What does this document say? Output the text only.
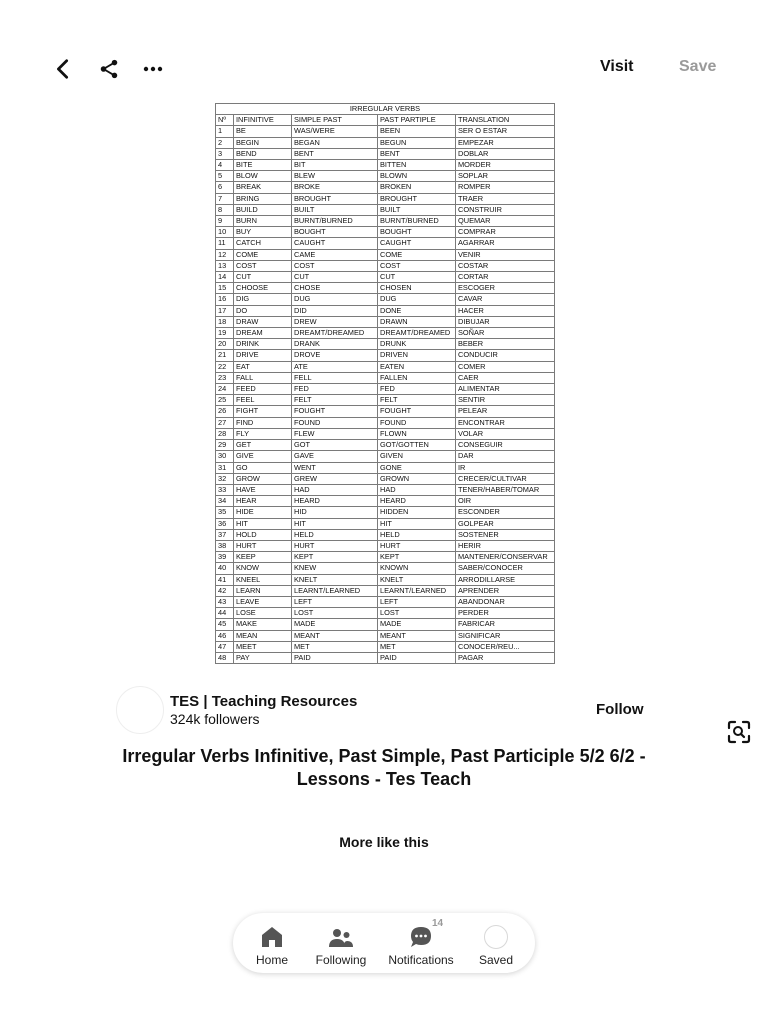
Visit	Save
IRREGULAR VERBS				
Nº	INFINITIVE	SIMPLE PAST	PAST PARTIPLE	TRANSLATION
1	BE	WAS/WERE	BEEN	SER O ESTAR
2	BEGIN	BEGAN	BEGUN	EMPEZAR
3	BEND	BENT	BENT	DOBLAR
4	BITE	BIT	BITTEN	MORDER
5	BLOW	BLEW	BLOWN	SOPLAR
6	BREAK	BROKE	BROKEN	ROMPER
7	BRING	BROUGHT	BROUGHT	TRAER
8	BUILD	BUILT	BUILT	CONSTRUIR
9	BURN	BURNT/BURNED	BURNT/BURNED	QUEMAR
10	BUY	BOUGHT	BOUGHT	COMPRAR
11	CATCH	CAUGHT	CAUGHT	AGARRAR
12	COME	CAME	COME	VENIR
13	COST	COST	COST	COSTAR
14	CUT	CUT	CUT	CORTAR
15	CHOOSE	CHOSE	CHOSEN	ESCOGER
16	DIG	DUG	DUG	CAVAR
17	DO	DID	DONE	HACER
18	DRAW	DREW	DRAWN	DIBUJAR
19	DREAM	DREAMT/DREAMED	DREAMT/DREAMED	SOÑAR
20	DRINK	DRANK	DRUNK	BEBER
21	DRIVE	DROVE	DRIVEN	CONDUCIR
22	EAT	ATE	EATEN	COMER
23	FALL	FELL	FALLEN	CAER
24	FEED	FED	FED	ALIMENTAR
25	FEEL	FELT	FELT	SENTIR
26	FIGHT	FOUGHT	FOUGHT	PELEAR
27	FIND	FOUND	FOUND	ENCONTRAR
28	FLY	FLEW	FLOWN	VOLAR
29	GET	GOT	GOT/GOTTEN	CONSEGUIR
30	GIVE	GAVE	GIVEN	DAR
31	GO	WENT	GONE	IR
32	GROW	GREW	GROWN	CRECER/CULTIVAR
33	HAVE	HAD	HAD	TENER/HABER/TOMAR
34	HEAR	HEARD	HEARD	OIR
35	HIDE	HID	HIDDEN	ESCONDER
36	HIT	HIT	HIT	GOLPEAR
37	HOLD	HELD	HELD	SOSTENER
38	HURT	HURT	HURT	HERIR
39	KEEP	KEPT	KEPT	MANTENER/CONSERVAR
40	KNOW	KNEW	KNOWN	SABER/CONOCER
41	KNEEL	KNELT	KNELT	ARRODILLARSE
42	LEARN	LEARNT/LEARNED	LEARNT/LEARNED	APRENDER
43	LEAVE	LEFT	LEFT	ABANDONAR
44	LOSE	LOST	LOST	PERDER
45	MAKE	MADE	MADE	FABRICAR
46	MEAN	MEANT	MEANT	SIGNIFICAR
47	MEET	MET	MET	CONOCER/REU...
48	PAY	PAID	PAID	PAGAR
TES | Teaching Resources
324k followers
Follow
Irregular Verbs Infinitive, Past Simple, Past Participle 5/2 6/2 - Lessons - Tes Teach
More like this
Home Following Notifications
14
Saved
